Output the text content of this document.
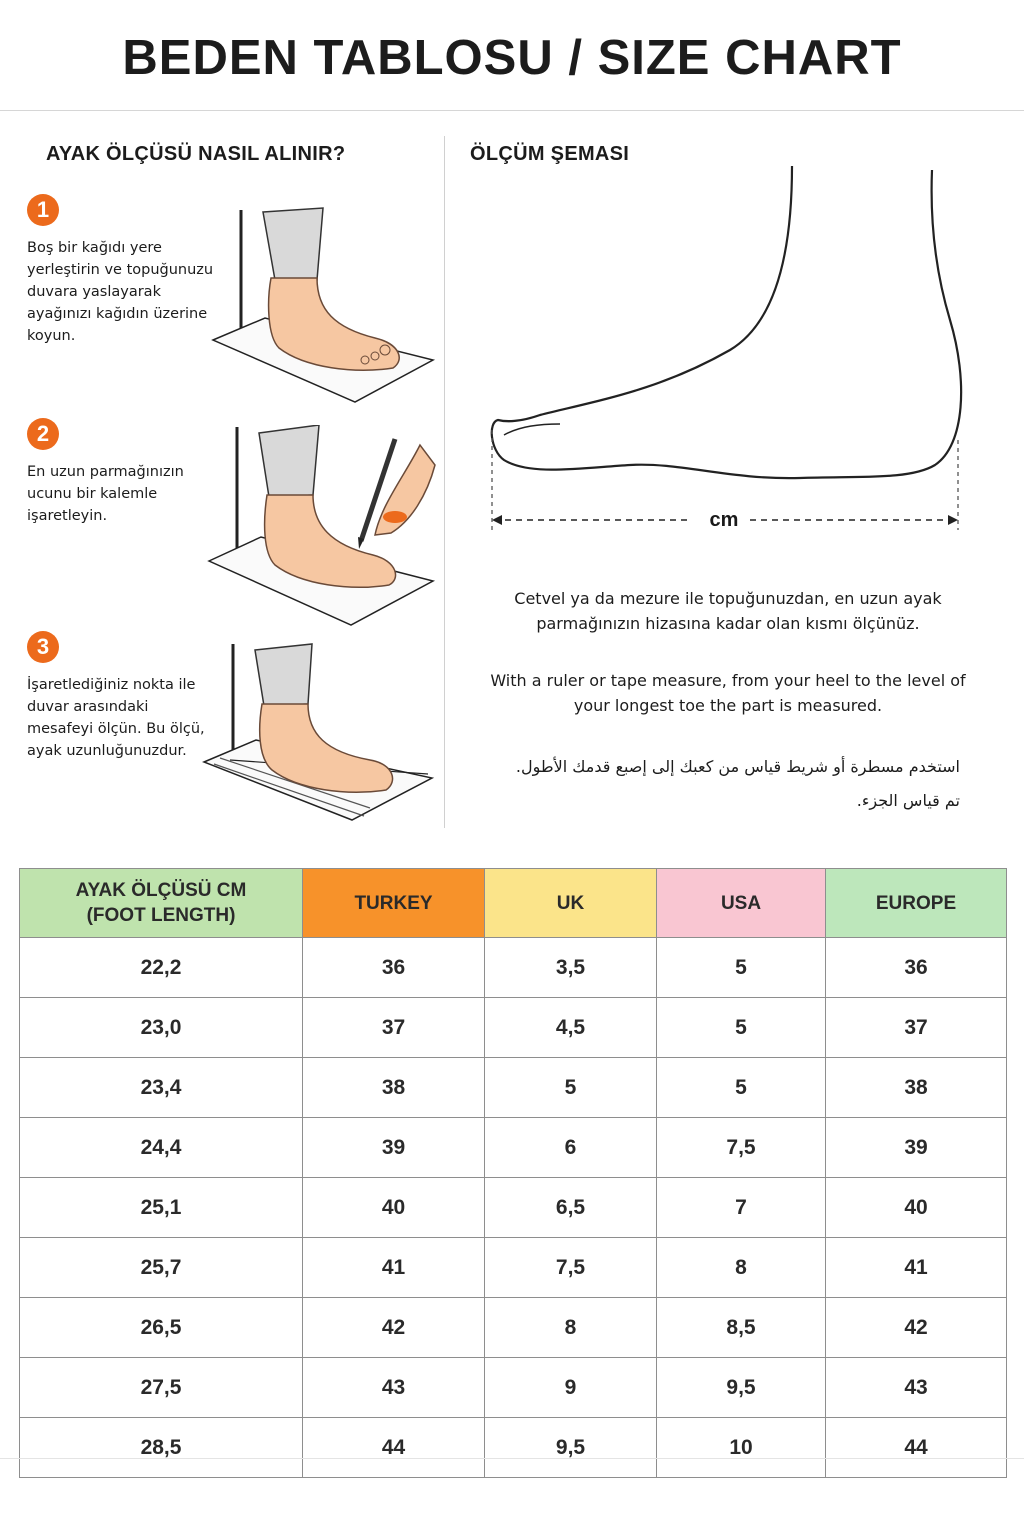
BEDEN TABLOSU / SIZE CHART
AYAK ÖLÇÜSÜ NASIL ALINIR?
1
Boş bir kağıdı yere yerleştirin ve topuğunuzu duvara yaslayarak ayağınızı kağıdın üzerine koyun.
2
En uzun parmağınızın ucunu bir kalemle işaretleyin.
3
İşaretlediğiniz nokta ile duvar arasındaki mesafeyi ölçün. Bu ölçü, ayak uzunluğunuzdur.
ÖLÇÜM ŞEMASI
cm
Cetvel ya da mezure ile topuğunuzdan, en uzun ayak parmağınızın hizasına kadar olan kısmı ölçünüz.
With a ruler or tape measure, from your heel to the level of your longest toe the part is measured.
استخدم مسطرة أو شريط قياس من كعبك إلى إصبع قدمك الأطول. تم قياس الجزء.
AYAK ÖLÇÜSÜ CM (FOOT LENGTH)	TURKEY	UK	USA	EUROPE
22,2	36	3,5	5	36
23,0	37	4,5	5	37
23,4	38	5	5	38
24,4	39	6	7,5	39
25,1	40	6,5	7	40
25,7	41	7,5	8	41
26,5	42	8	8,5	42
27,5	43	9	9,5	43
28,5	44	9,5	10	44
